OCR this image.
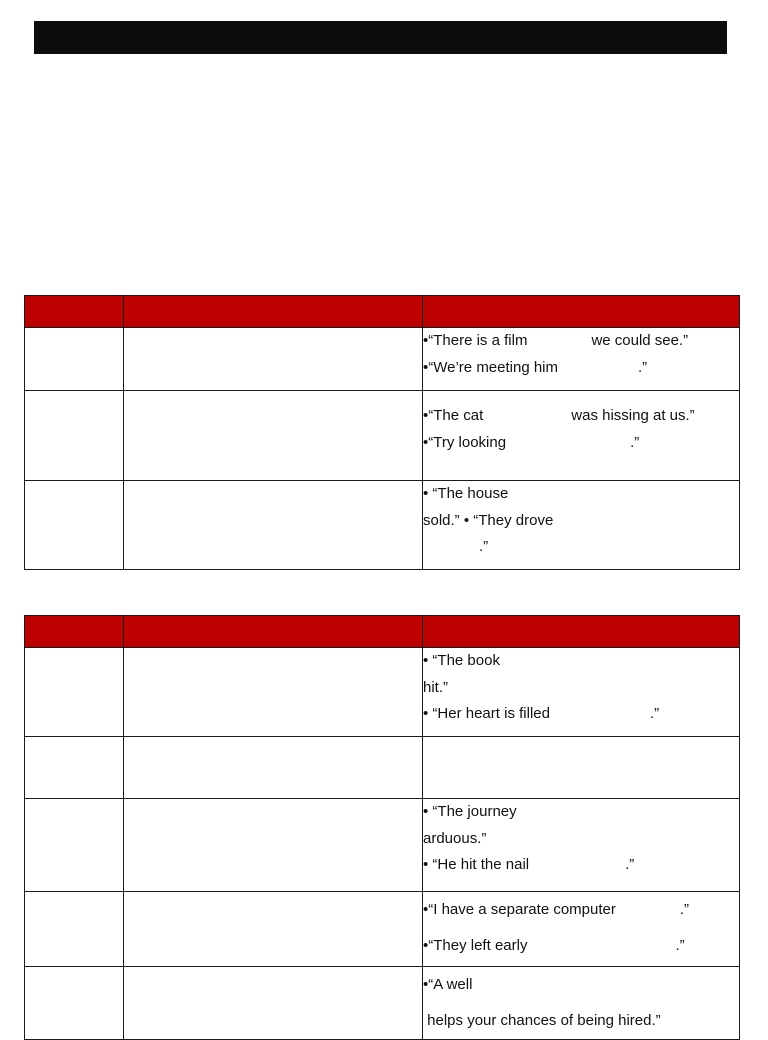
		•“There is a film we could see.”
•“We’re meeting him .”

		•“The cat was hissing at us.”
•“Try looking .”

		• “The house
sold.” • “They drove
.”

		• “The book
hit.”
• “Her heart is filled .”

		• “The journey
arduous.”
• “He hit the nail .”

		•“I have a separate computer .”
•“They left early .”

		•“A well
helps your chances of being hired.”
